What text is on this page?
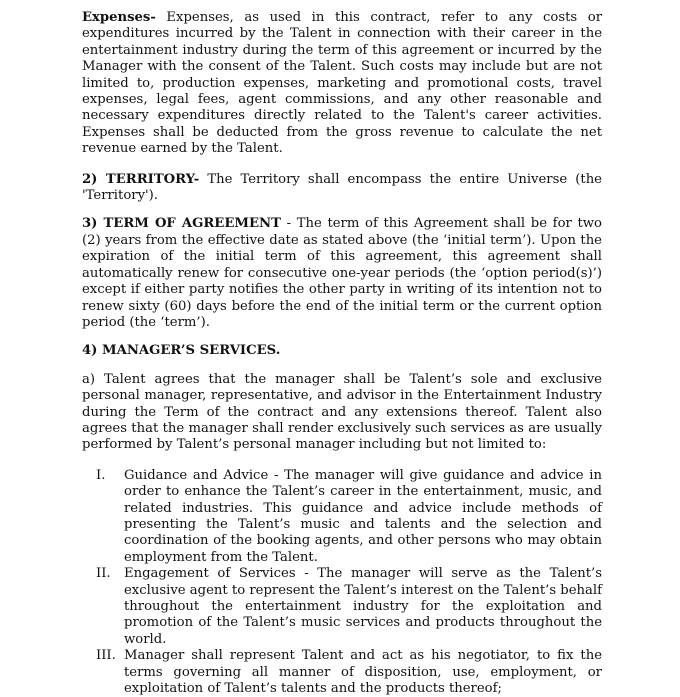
Expenses- Expenses, as used in this contract, refer to any costs or expenditures incurred by the Talent in connection with their career in the entertainment industry during the term of this agreement or incurred by the Manager with the consent of the Talent. Such costs may include but are not limited to, production expenses, marketing and promotional costs, travel expenses, legal fees, agent commissions, and any other reasonable and necessary expenditures directly related to the Talent's career activities. Expenses shall be deducted from the gross revenue to calculate the net revenue earned by the Talent.

2) TERRITORY- The Territory shall encompass the entire Universe (the 'Territory').

3) TERM OF AGREEMENT - The term of this Agreement shall be for two (2) years from the effective date as stated above (the ‘initial term’). Upon the expiration of the initial term of this agreement, this agreement shall automatically renew for consecutive one-year periods (the ‘option period(s)’) except if either party notifies the other party in writing of its intention not to renew sixty (60) days before the end of the initial term or the current option period (the ‘term’).

4) MANAGER’S SERVICES.

a) Talent agrees that the manager shall be Talent’s sole and exclusive personal manager, representative, and advisor in the Entertainment Industry during the Term of the contract and any extensions thereof. Talent also agrees that the manager shall render exclusively such services as are usually performed by Talent’s personal manager including but not limited to:

I. Guidance and Advice - The manager will give guidance and advice in order to enhance the Talent’s career in the entertainment, music, and related industries. This guidance and advice include methods of presenting the Talent’s music and talents and the selection and coordination of the booking agents, and other persons who may obtain employment from the Talent.
II. Engagement of Services - The manager will serve as the Talent’s exclusive agent to represent the Talent’s interest on the Talent’s behalf throughout the entertainment industry for the exploitation and promotion of the Talent’s music services and products throughout the world.
III. Manager shall represent Talent and act as his negotiator, to fix the terms governing all manner of disposition, use, employment, or exploitation of Talent’s talents and the products thereof;
